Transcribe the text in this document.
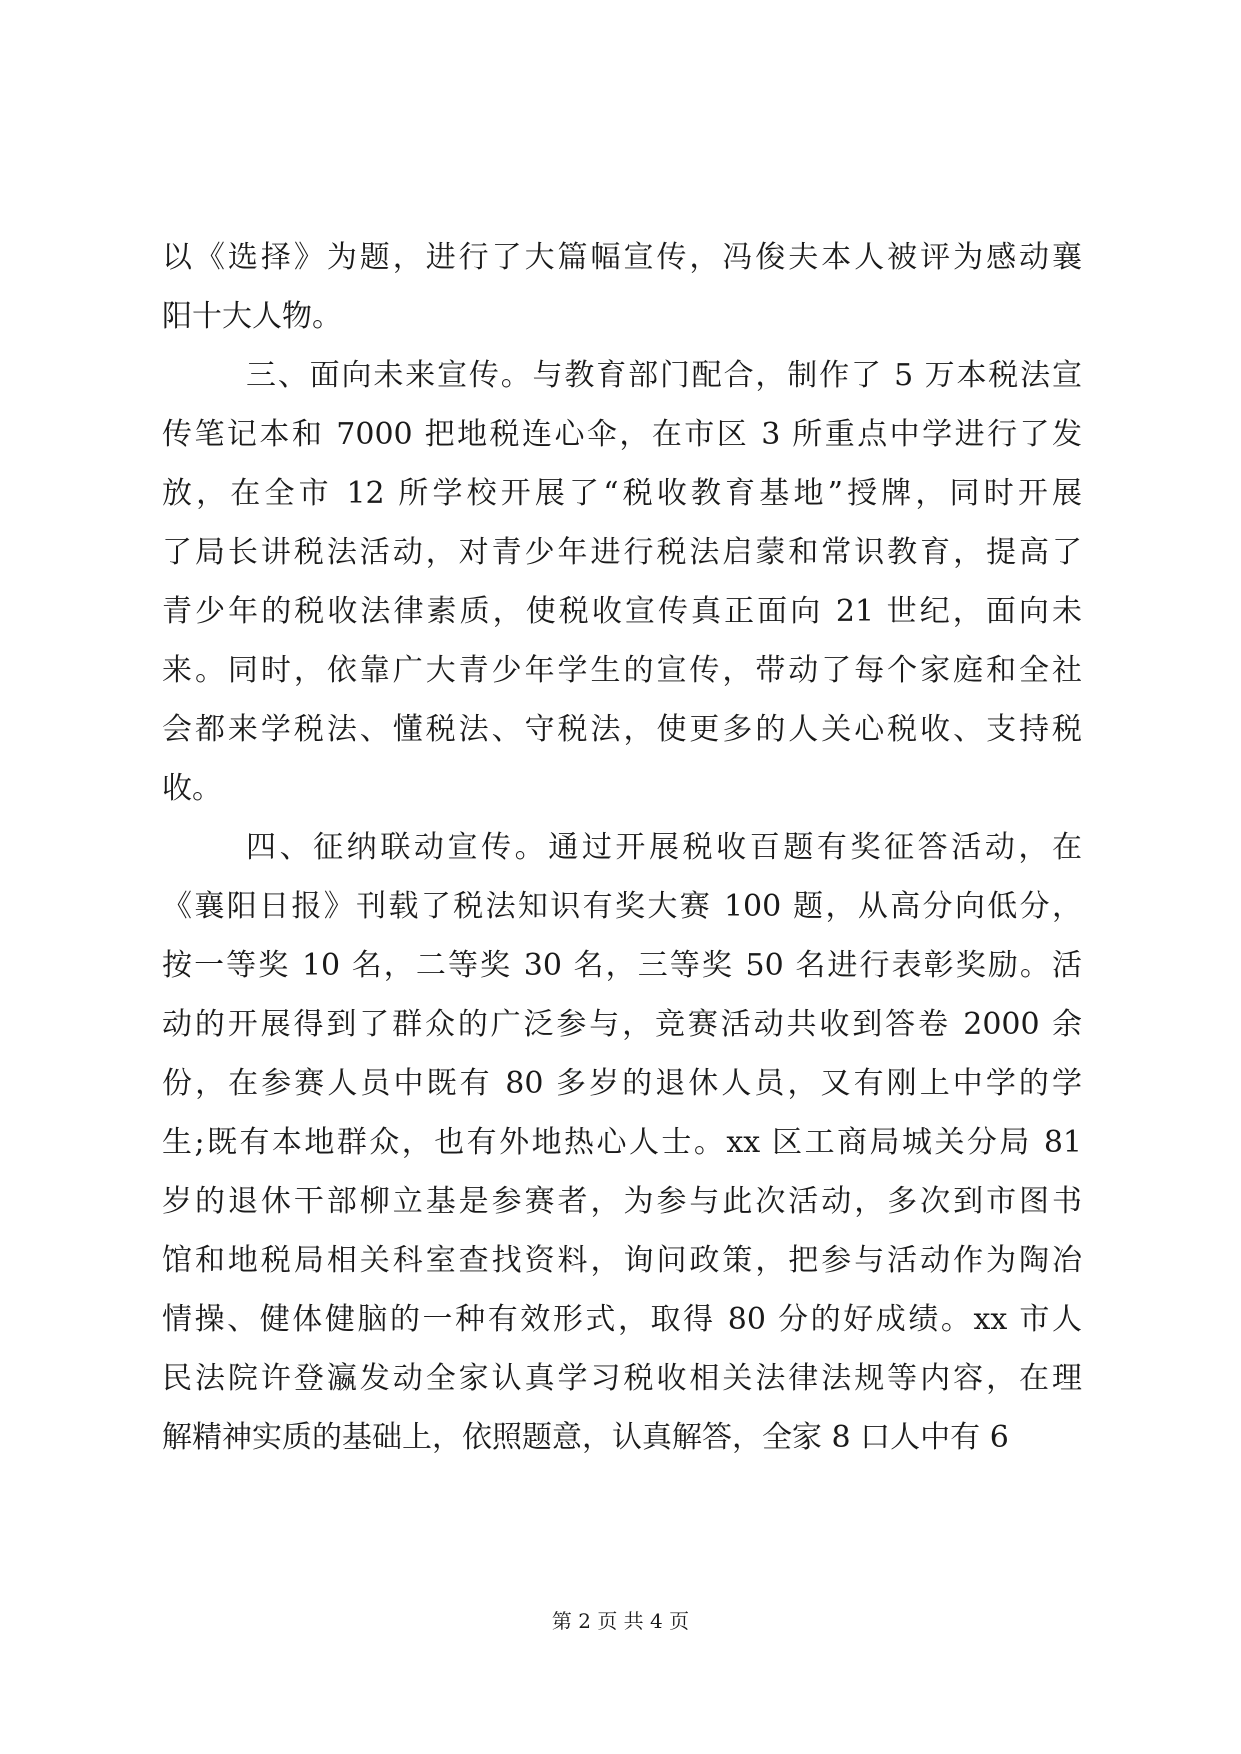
以《选择》为题，进行了大篇幅宣传，冯俊夫本人被评为感动襄
阳十大人物。
三、面向未来宣传。与教育部门配合，制作了 5 万本税法宣
传笔记本和 7000 把地税连心伞，在市区 3 所重点中学进行了发
放，在全市 12 所学校开展了“税收教育基地”授牌，同时开展
了局长讲税法活动，对青少年进行税法启蒙和常识教育，提高了
青少年的税收法律素质，使税收宣传真正面向 21 世纪，面向未
来。同时，依靠广大青少年学生的宣传，带动了每个家庭和全社
会都来学税法、懂税法、守税法，使更多的人关心税收、支持税
收。
四、征纳联动宣传。通过开展税收百题有奖征答活动，在
《襄阳日报》刊载了税法知识有奖大赛 100 题，从高分向低分，
按一等奖 10 名，二等奖 30 名，三等奖 50 名进行表彰奖励。活
动的开展得到了群众的广泛参与，竞赛活动共收到答卷 2000 余
份，在参赛人员中既有 80 多岁的退休人员，又有刚上中学的学
生;既有本地群众，也有外地热心人士。xx 区工商局城关分局 81
岁的退休干部柳立基是参赛者，为参与此次活动，多次到市图书
馆和地税局相关科室查找资料，询问政策，把参与活动作为陶冶
情操、健体健脑的一种有效形式，取得 80 分的好成绩。xx 市人
民法院许登瀛发动全家认真学习税收相关法律法规等内容，在理
解精神实质的基础上，依照题意，认真解答，全家 8 口人中有 6
第 2 页 共 4 页
